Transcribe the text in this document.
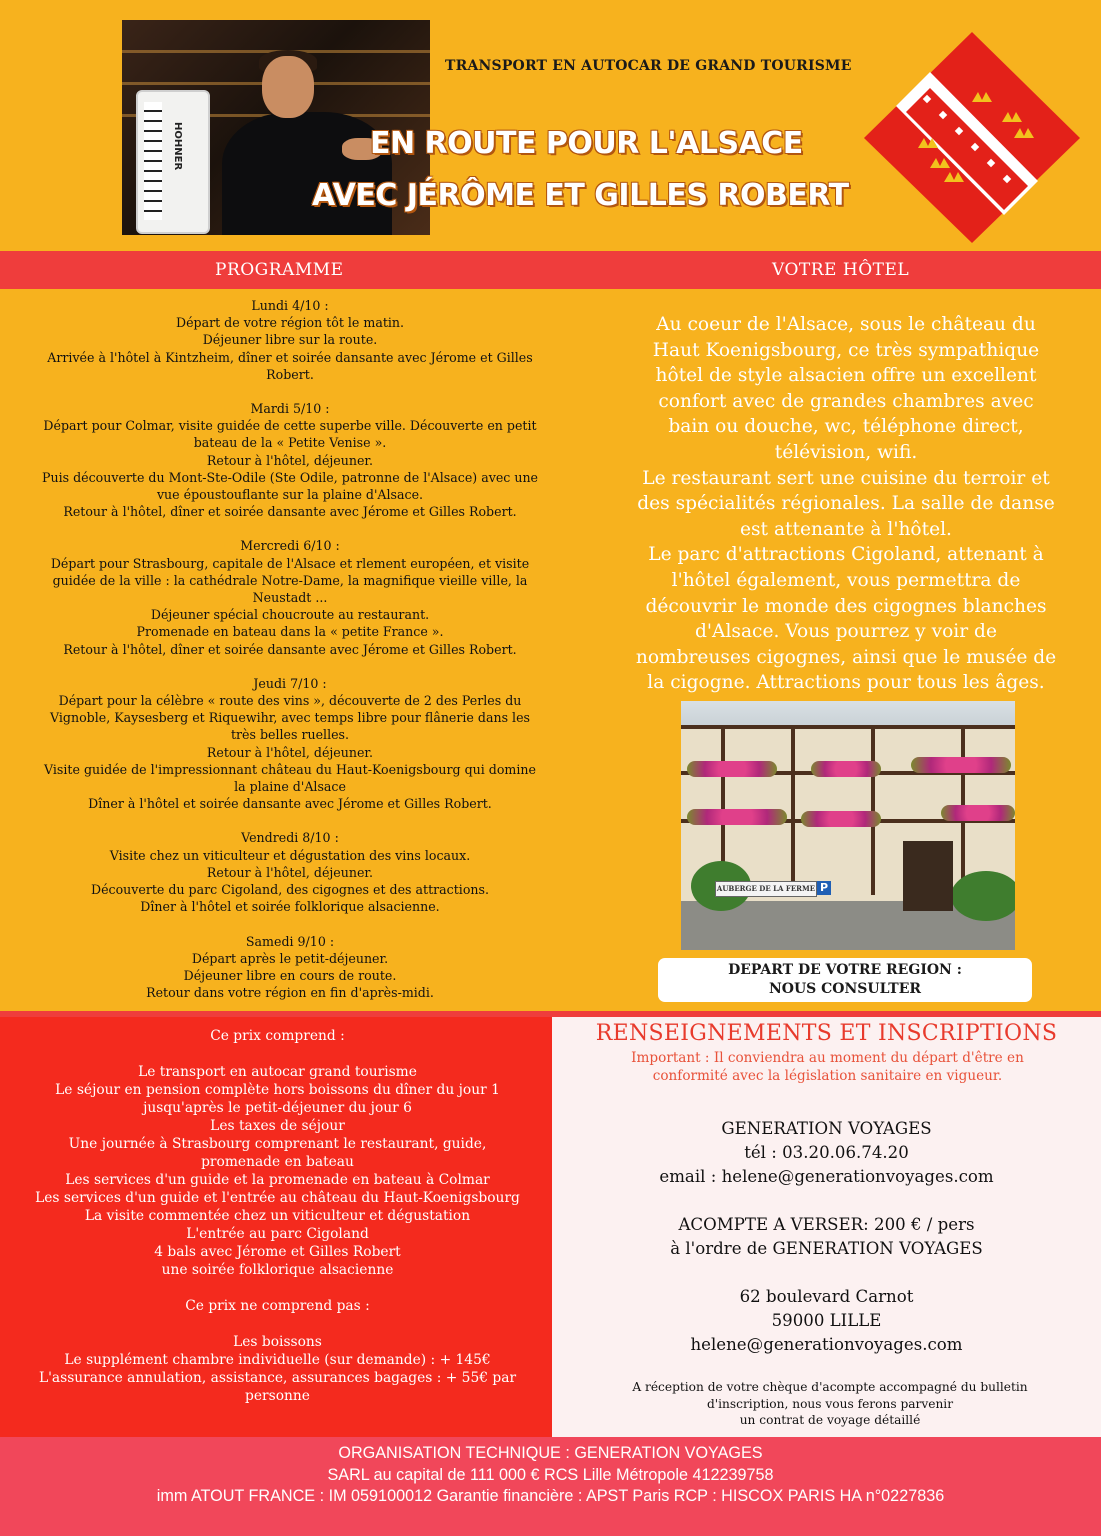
HOHNER
TRANSPORT EN AUTOCAR DE GRAND TOURISME
EN ROUTE POUR L'ALSACE
AVEC JÉRÔME ET GILLES ROBERT
PROGRAMME	VOTRE HÔTEL

Lundi 4/10 :

Départ de votre région tôt le matin.

Déjeuner libre sur la route.

Arrivée à l'hôtel à Kintzheim, dîner et soirée dansante avec Jérome et Gilles

Robert.

Mardi 5/10 :

Départ pour Colmar, visite guidée de cette superbe ville. Découverte en petit

bateau de la « Petite Venise ».

Retour à l'hôtel, déjeuner.

Puis découverte du Mont-Ste-Odile (Ste Odile, patronne de l'Alsace) avec une

vue époustouflante sur la plaine d'Alsace.

Retour à l'hôtel, dîner et soirée dansante avec Jérome et Gilles Robert.

Mercredi 6/10 :

Départ pour Strasbourg, capitale de l'Alsace et rlement européen, et visite

guidée de la ville : la cathédrale Notre-Dame, la magnifique vieille ville, la

Neustadt ...

Déjeuner spécial choucroute au restaurant.

Promenade en bateau dans la « petite France ».

Retour à l'hôtel, dîner et soirée dansante avec Jérome et Gilles Robert.

Jeudi 7/10 :

Départ pour la célèbre « route des vins », découverte de 2 des Perles du

Vignoble, Kaysesberg et Riquewihr, avec temps libre pour flânerie dans les

très belles ruelles.

Retour à l'hôtel, déjeuner.

Visite guidée de l'impressionnant château du Haut-Koenigsbourg qui domine

la plaine d'Alsace

Dîner à l'hôtel et soirée dansante avec Jérome et Gilles Robert.

Vendredi 8/10 :

Visite chez un viticulteur et dégustation des vins locaux.

Retour à l'hôtel, déjeuner.

Découverte du parc Cigoland, des cigognes et des attractions.

Dîner à l'hôtel et soirée folklorique alsacienne.

Samedi 9/10 :

Départ après le petit-déjeuner.

Déjeuner libre en cours de route.

Retour dans votre région en fin d'après-midi.

Au coeur de l'Alsace, sous le château du

Haut Koenigsbourg, ce très sympathique

hôtel de style alsacien offre un excellent

confort avec de grandes chambres avec

bain ou douche, wc, téléphone direct,

télévision, wifi.

Le restaurant sert une cuisine du terroir et

des spécialités régionales. La salle de danse

est attenante à l'hôtel.

Le parc d'attractions Cigoland, attenant à

l'hôtel également, vous permettra de

découvrir le monde des cigognes blanches

d'Alsace. Vous pourrez y voir de

nombreuses cigognes, ainsi que le musée de

la cigogne. Attractions pour tous les âges.

AUBERGE DE LA FERME P

DEPART DE VOTRE REGION :

NOUS CONSULTER

Ce prix comprend :

Le transport en autocar grand tourisme

Le séjour en pension complète hors boissons du dîner du jour 1

jusqu'après le petit-déjeuner du jour 6

Les taxes de séjour

Une journée à Strasbourg comprenant le restaurant, guide,

promenade en bateau

Les services d'un guide et la promenade en bateau à Colmar

Les services d'un guide et l'entrée au château du Haut-Koenigsbourg

La visite commentée chez un viticulteur et dégustation

L'entrée au parc Cigoland

4 bals avec Jérome et Gilles Robert

une soirée folklorique alsacienne

Ce prix ne comprend pas :

Les boissons

Le supplément chambre individuelle (sur demande) : + 145€

L'assurance annulation, assistance, assurances bagages : + 55€ par

personne

RENSEIGNEMENTS ET INSCRIPTIONS

Important : Il conviendra au moment du départ d'être en

conformité avec la législation sanitaire en vigueur.

GENERATION VOYAGES

tél : 03.20.06.74.20

email : helene@generationvoyages.com

ACOMPTE A VERSER: 200 € / pers

à l'ordre de GENERATION VOYAGES

62 boulevard Carnot

59000 LILLE

helene@generationvoyages.com

A réception de votre chèque d'acompte accompagné du bulletin

d'inscription, nous vous ferons parvenir

un contrat de voyage détaillé

ORGANISATION TECHNIQUE : GENERATION VOYAGES

SARL au capital de 111 000 € RCS Lille Métropole 412239758

imm ATOUT FRANCE : IM 059100012 Garantie financière : APST Paris RCP : HISCOX PARIS HA n°0227836
